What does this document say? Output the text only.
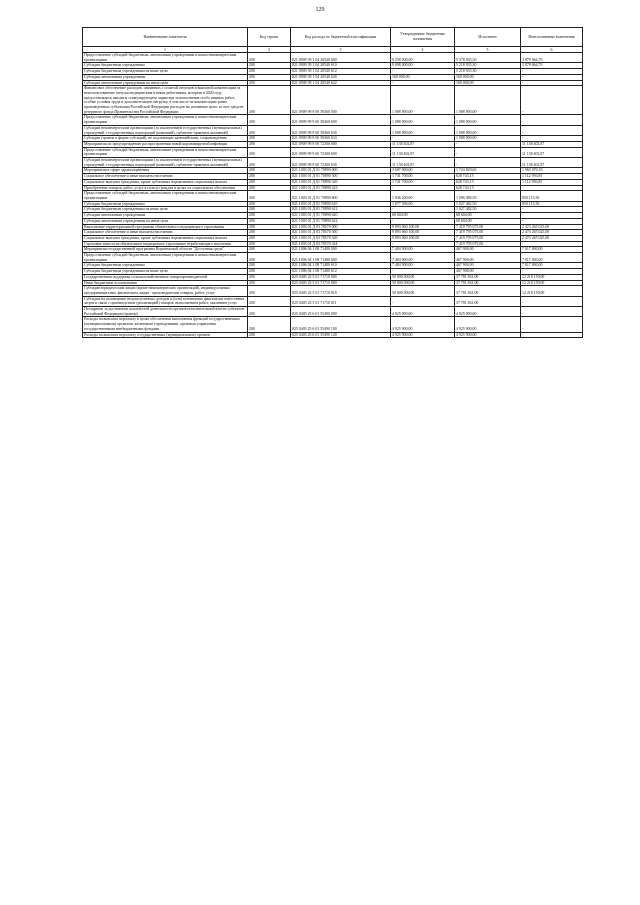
129
Наименование показателя	Код строки	Код расхода по бюджетной классификации	Утвержденные бюджетные назначения	Исполнено	Неисполненные назначения
1	2	3	4	5	6
Предоставление субсидий бюджетным, автономным учреждениям и иным некоммерческим организациям	200	821 0909 39 1 04 20540 600	9 258 000,00	5 378 935,30	3 879 064,70
Субсидии бюджетным учреждениям	200	821 0909 39 1 04 20540 610	9 098 000,00	5 218 935,30	3 879 064,70
Субсидии бюджетным учреждениям на иные цели	200	821 0909 39 1 04 20540 612	-	5 218 935,30	-
Субсидии автономным учреждениям	200	821 0909 39 1 04 20540 620	160 000,00	160 000,00	-
Субсидии автономным учреждениям на иные цели	200	821 0909 39 1 04 20540 622	-	160 000,00	-
Финансовое обеспечение расходов, связанных с оплатой отпусков и выплатой компенсации за неиспользованные отпуска медицинским и иным работникам, которым в 2020 году предоставлялись выплаты стимулирующего характера за выполнение особо важных работ, особые условия труда и дополнительную нагрузку, в том числе на компенсацию ранее произведенных субъектами Российской Федерации расходов на указанные цели, за счет средств резервного фонда Правительства Российской Федерации	200	821 0909 99 9 00 58360 000	1 088 900,00	1 088 900,00	-
Предоставление субсидий бюджетным, автономным учреждениям и иным некоммерческим организациям	200	821 0909 99 9 00 58360 600	1 088 900,00	1 088 900,00	-
Субсидии некоммерческим организациям (за исключением государственных (муниципальных) учреждений, государственных корпораций (компаний), публично-правовых компаний)	200	821 0909 99 9 00 58360 630	1 088 900,00	1 088 900,00	-
Субсидии (гранты в форме субсидий), не подлежащие казначейскому сопровождению	200	821 0909 99 9 00 58360 633	-	1 088 900,00	-
Мероприятия по предупреждению распространения новой коронавирусной инфекции	200	821 0909 99 9 00 72300 000	11 138 402,87	-	11 138 402,87
Предоставление субсидий бюджетным, автономным учреждениям и иным некоммерческим организациям	200	821 0909 99 9 00 72300 600	11 138 402,87	-	11 138 402,87
Субсидии некоммерческим организациям (за исключением государственных (муниципальных) учреждений, государственных корпораций (компаний), публично-правовых компаний)	200	821 0909 99 9 00 72300 630	11 138 402,87	-	11 138 402,87
Мероприятия в сфере здравоохранения	200	821 1003 01 Д 01 70890 000	3 687 900,00	1 724 829,65	1 963 070,35
Социальное обеспечение и иные выплаты населению	200	821 1003 01 Д 01 70890 300	1 741 700,00	628 743,15	1 112 956,85
Социальные выплаты гражданам, кроме публичных нормативных социальных выплат	200	821 1003 01 Д 01 70890 320	1 741 700,00	628 743,15	1 112 956,85
Приобретение товаров, работ, услуг в пользу граждан в целях их социального обеспечения	200	821 1003 01 Д 01 70890 323	-	628 743,15	-
Предоставление субсидий бюджетным, автономным учреждениям и иным некоммерческим организациям	200	821 1003 01 Д 01 70890 600	1 946 200,00	1 096 086,50	850 113,50
Субсидии бюджетным учреждениям	200	821 1003 01 Д 01 70890 610	1 877 596,00	1 027 482,50	850 113,50
Субсидии бюджетным учреждениям на иные цели	200	821 1003 01 Д 01 70890 612	-	1 027 482,50	-
Субсидии автономным учреждениям	200	821 1003 01 Д 01 70890 620	68 604,00	68 604,00	-
Субсидии автономным учреждениям на иные цели	200	821 1003 01 Д 01 70890 622	-	68 604,00	-
Выполнение территориальной программы обязательного медицинского страхования	200	821 1003 01 Д 03 78570 000	9 893 060 100,00	7 419 795 075,00	2 473 265 025,00
Социальное обеспечение и иные выплаты населению	200	821 1003 01 Д 03 78570 300	9 893 060 100,00	7 419 795 075,00	2 473 265 025,00
Социальные выплаты гражданам, кроме публичных нормативных социальных выплат	200	821 1003 01 Д 03 78570 320	9 893 060 100,00	7 419 795 075,00	2 473 265 025,00
Страховые взносы на обязательное медицинское страхование неработающего населения	200	821 1003 01 Д 03 78570 324	-	7 419 795 075,00	-
Мероприятия государственной программы Воронежской области "Доступная среда"	200	821 1006 04 1 08 71480 000	7 484 900,00	467 900,00	7 017 000,00
Предоставление субсидий бюджетным, автономным учреждениям и иным некоммерческим организациям	200	821 1006 04 1 08 71480 600	7 484 900,00	467 900,00	7 017 000,00
Субсидии бюджетным учреждениям	200	821 1006 04 1 08 71480 610	7 484 900,00	467 900,00	7 017 000,00
Субсидии бюджетным учреждениям на иные цели	200	821 1006 04 1 08 71480 612	-	467 900,00	-
Государственная поддержка сельскохозяйственных товаропроизводителей	200	825 0405 25 5 01 71710 000	50 000 000,00	37 781 841,00	12 218 159,00
Иные бюджетные ассигнования	200	825 0405 25 5 01 71710 800	50 000 000,00	37 781 841,00	12 218 159,00
Субсидии юридическим лицам (кроме некоммерческих организаций), индивидуальным предпринимателям, физическим лицам - производителям товаров, работ, услуг	200	825 0405 25 5 01 71710 810	50 000 000,00	37 781 841,00	12 218 159,00
Субсидии на возмещение недополученных доходов и (или) возмещение фактически понесенных затрат в связи с производством (реализацией) товаров, выполнением работ, оказанием услуг	200	825 0405 25 5 01 71710 811	-	37 781 841,00	-
Поощрение за достижение показателей деятельности органов исполнительной власти субъектов Российской Федерации (гранты)	200	825 0405 25 6 01 55490 000	4 925 900,00	4 925 900,00	-
Расходы на выплаты персоналу в целях обеспечения выполнения функций государственными (муниципальными) органами, казенными учреждениями, органами управления государственными внебюджетными фондами	200	825 0405 25 6 01 55490 100	4 925 900,00	4 925 900,00	-
Расходы на выплаты персоналу государственных (муниципальных) органов	200	825 0405 25 6 01 55490 120	4 925 900,00	4 925 900,00	-
